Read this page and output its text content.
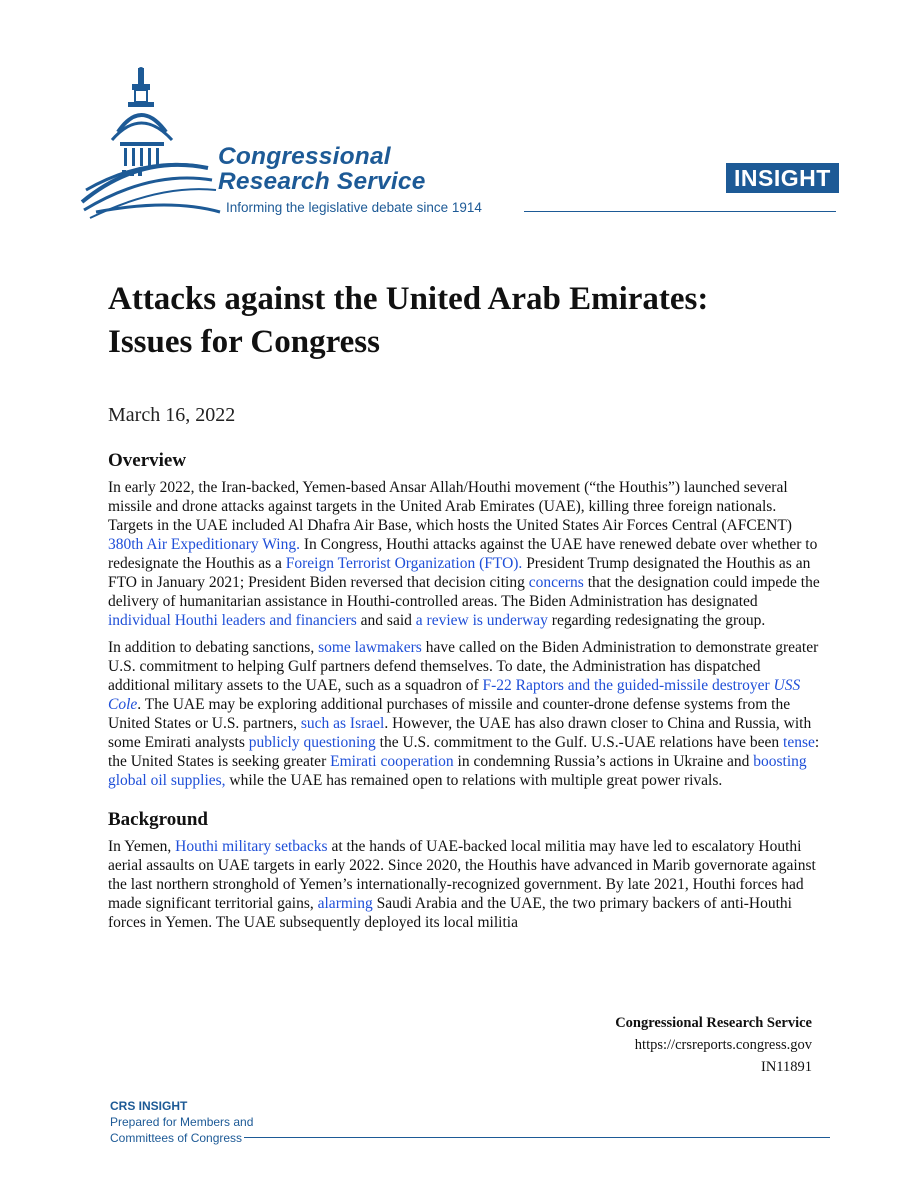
Congressional
Research Service
Informing the legislative debate since 1914
INSIGHT
Attacks against the United Arab Emirates:
Issues for Congress
March 16, 2022
Overview

In early 2022, the Iran-backed, Yemen-based Ansar Allah/Houthi movement (“the Houthis”) launched several missile and drone attacks against targets in the United Arab Emirates (UAE), killing three foreign nationals. Targets in the UAE included Al Dhafra Air Base, which hosts the United States Air Forces Central (AFCENT) 380th Air Expeditionary Wing. In Congress, Houthi attacks against the UAE have renewed debate over whether to redesignate the Houthis as a Foreign Terrorist Organization (FTO). President Trump designated the Houthis as an FTO in January 2021; President Biden reversed that decision citing concerns that the designation could impede the delivery of humanitarian assistance in Houthi-controlled areas. The Biden Administration has designated individual Houthi leaders and financiers and said a review is underway regarding redesignating the group.

In addition to debating sanctions, some lawmakers have called on the Biden Administration to demonstrate greater U.S. commitment to helping Gulf partners defend themselves. To date, the Administration has dispatched additional military assets to the UAE, such as a squadron of F-22 Raptors and the guided-missile destroyer USS Cole. The UAE may be exploring additional purchases of missile and counter-drone defense systems from the United States or U.S. partners, such as Israel. However, the UAE has also drawn closer to China and Russia, with some Emirati analysts publicly questioning the U.S. commitment to the Gulf. U.S.-UAE relations have been tense: the United States is seeking greater Emirati cooperation in condemning Russia’s actions in Ukraine and boosting global oil supplies, while the UAE has remained open to relations with multiple great power rivals.

Background

In Yemen, Houthi military setbacks at the hands of UAE-backed local militia may have led to escalatory Houthi aerial assaults on UAE targets in early 2022. Since 2020, the Houthis have advanced in Marib governorate against the last northern stronghold of Yemen’s internationally-recognized government. By late 2021, Houthi forces had made significant territorial gains, alarming Saudi Arabia and the UAE, the two primary backers of anti-Houthi forces in Yemen. The UAE subsequently deployed its local militia

Congressional Research Service
https://crsreports.congress.gov
IN11891
CRS INSIGHT
Prepared for Members and
Committees of Congress
